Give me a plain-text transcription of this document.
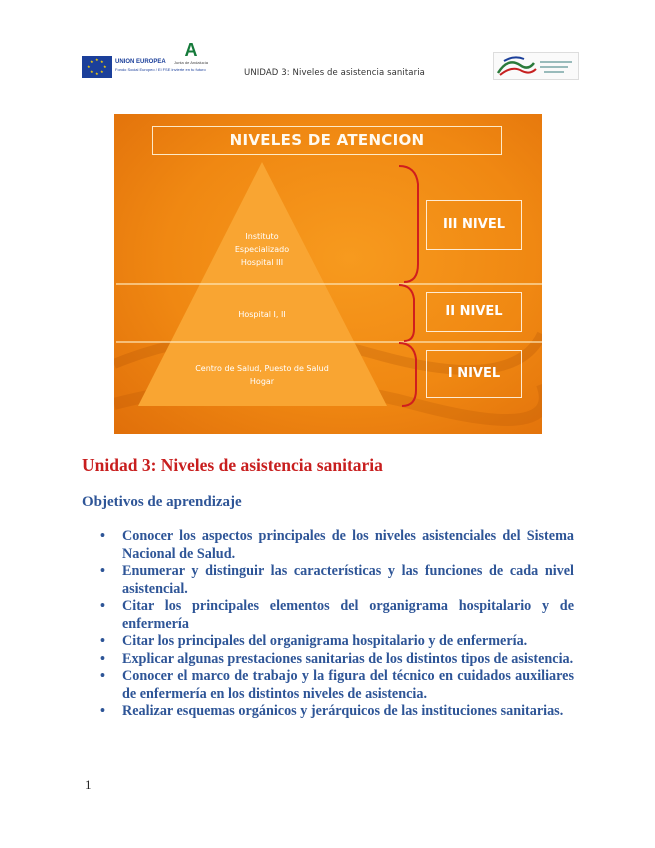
★ ★
★
★
★
★
★
★	UNION EUROPEA
Fondo Social Europeo / El FSE invierte en tu futuro
A
Junta de Andalucía
UNIDAD 3: Niveles de asistencia sanitaria
NIVELES DE ATENCION
Instituto
Especializado
Hospital III
Hospital I, II
Centro de Salud, Puesto de Salud
Hogar
III NIVEL
II NIVEL
I NIVEL
Unidad 3: Niveles de asistencia sanitaria
Objetivos de aprendizaje
• Conocer los aspectos principales de los niveles asistenciales del Sistema Nacional de Salud.
• Enumerar y distinguir las características y las funciones de cada nivel asistencial.
• Citar los principales elementos del organigrama hospitalario y de enfermería
• Citar los principales del organigrama hospitalario y de enfermería.
• Explicar algunas prestaciones sanitarias de los distintos tipos de asistencia.
• Conocer el marco de trabajo y la figura del técnico en cuidados auxiliares de enfermería en los distintos niveles de asistencia.
• Realizar esquemas orgánicos y jerárquicos de las instituciones sanitarias.
1
